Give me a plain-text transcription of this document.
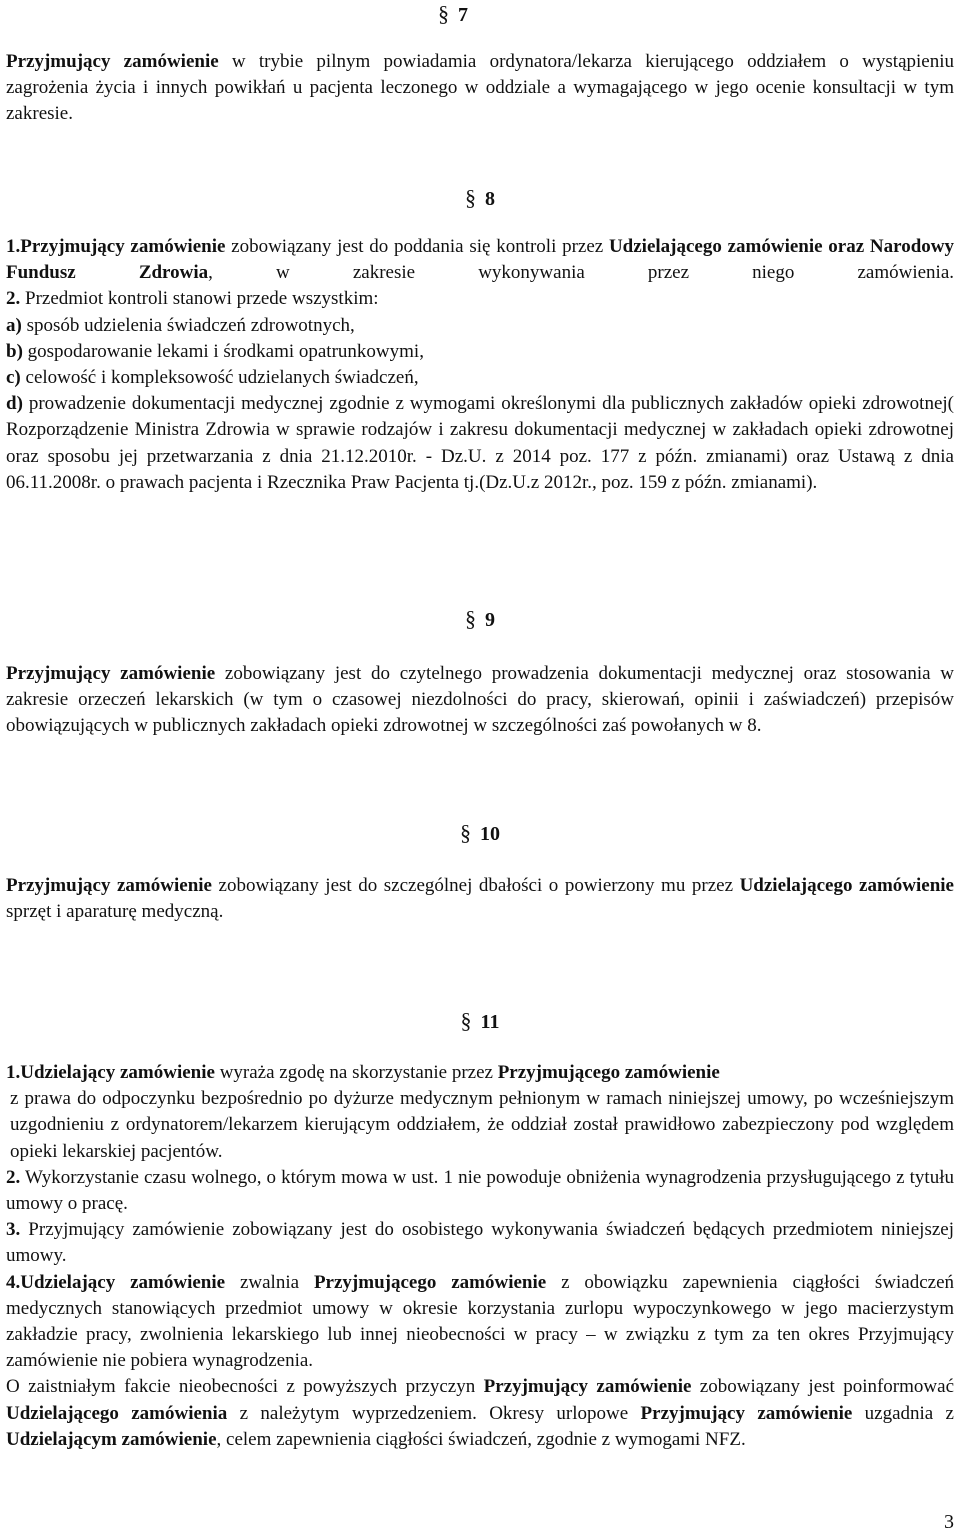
§ 7

Przyjmujący zamówienie w trybie pilnym powiadamia ordynatora/lekarza kierującego oddziałem o wystąpieniu zagrożenia życia i innych powikłań u pacjenta leczonego w oddziale a wymagającego w jego ocenie konsultacji w tym zakresie.

§ 8

1.Przyjmujący zamówienie zobowiązany jest do poddania się kontroli przez Udzielającego zamówienie oraz Narodowy Fundusz Zdrowia, w zakresie wykonywania przez niego zamówienia.

2. Przedmiot kontroli stanowi przede wszystkim:

a) sposób udzielenia świadczeń zdrowotnych,

b) gospodarowanie lekami i środkami opatrunkowymi,

c) celowość i kompleksowość udzielanych świadczeń,

d) prowadzenie dokumentacji medycznej zgodnie z wymogami określonymi dla publicznych zakładów opieki zdrowotnej( Rozporządzenie Ministra Zdrowia w sprawie rodzajów i zakresu dokumentacji medycznej w zakładach opieki zdrowotnej oraz sposobu jej przetwarzania z dnia 21.12.2010r. - Dz.U. z 2014 poz. 177 z późn. zmianami) oraz Ustawą z dnia 06.11.2008r. o prawach pacjenta i Rzecznika Praw Pacjenta tj.(Dz.U.z 2012r., poz. 159 z późn. zmianami).

§ 9

Przyjmujący zamówienie zobowiązany jest do czytelnego prowadzenia dokumentacji medycznej oraz stosowania w zakresie orzeczeń lekarskich (w tym o czasowej niezdolności do pracy, skierowań, opinii i zaświadczeń) przepisów obowiązujących w publicznych zakładach opieki zdrowotnej w szczególności zaś powołanych w 8.

§ 10

Przyjmujący zamówienie zobowiązany jest do szczególnej dbałości o powierzony mu przez Udzielającego zamówienie sprzęt i aparaturę medyczną.

§ 11

1.Udzielający zamówienie wyraża zgodę na skorzystanie przez Przyjmującego zamówienie

z prawa do odpoczynku bezpośrednio po dyżurze medycznym pełnionym w ramach niniejszej umowy, po wcześniejszym uzgodnieniu z ordynatorem/lekarzem kierującym oddziałem, że oddział został prawidłowo zabezpieczony pod względem opieki lekarskiej pacjentów.

2. Wykorzystanie czasu wolnego, o którym mowa w ust. 1 nie powoduje obniżenia wynagrodzenia przysługującego z tytułu umowy o pracę.

3. Przyjmujący zamówienie zobowiązany jest do osobistego wykonywania świadczeń będących przedmiotem niniejszej umowy.

4.Udzielający zamówienie zwalnia Przyjmującego zamówienie z obowiązku zapewnienia ciągłości świadczeń medycznych stanowiących przedmiot umowy w okresie korzystania zurlopu wypoczynkowego w jego macierzystym zakładzie pracy, zwolnienia lekarskiego lub innej nieobecności w pracy – w związku z tym za ten okres Przyjmujący zamówienie nie pobiera wynagrodzenia.

O zaistniałym fakcie nieobecności z powyższych przyczyn Przyjmujący zamówienie zobowiązany jest poinformować Udzielającego zamówienia z należytym wyprzedzeniem. Okresy urlopowe Przyjmujący zamówienie uzgadnia z Udzielającym zamówienie, celem zapewnienia ciągłości świadczeń, zgodnie z wymogami NFZ.

3
